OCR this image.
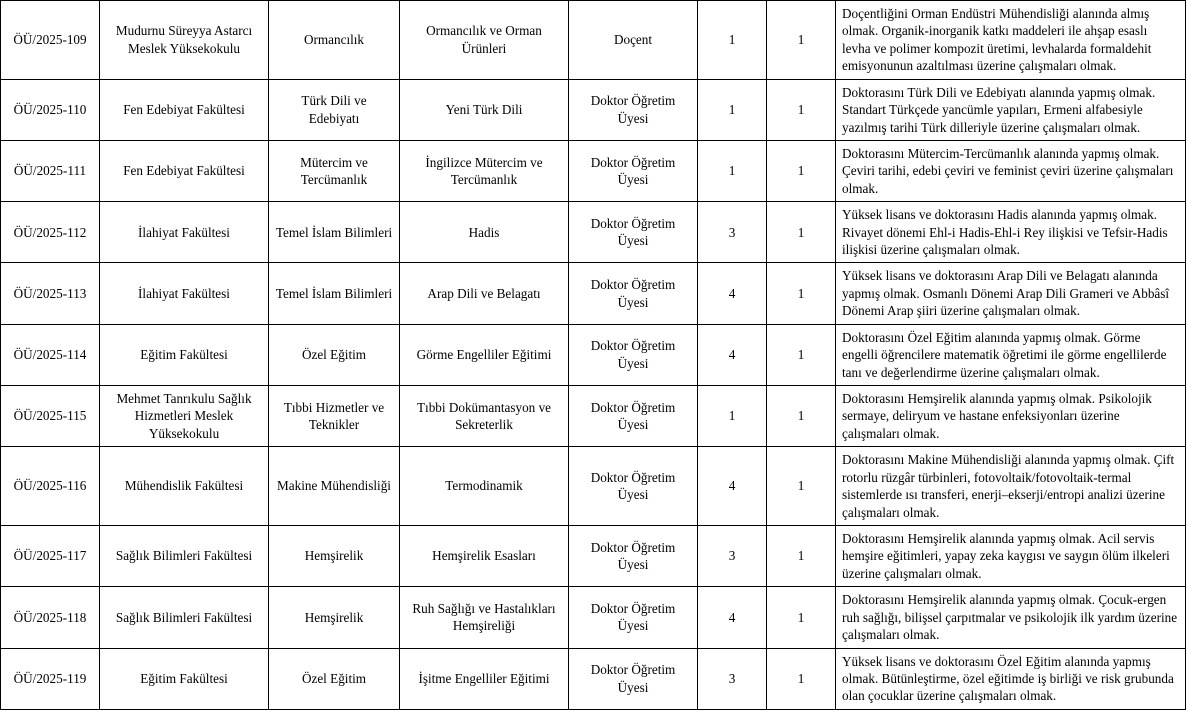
ÖÜ/2025-109	Mudurnu Süreyya Astarcı Meslek Yüksekokulu	Ormancılık	Ormancılık ve Orman Ürünleri	Doçent	1	1	Doçentliğini Orman Endüstri Mühendisliği alanında almış olmak. Organik-inorganik katkı maddeleri ile ahşap esaslı levha ve polimer kompozit üretimi, levhalarda formaldehit emisyonunun azaltılması üzerine çalışmaları olmak.

ÖÜ/2025-110	Fen Edebiyat Fakültesi	Türk Dili ve Edebiyatı	Yeni Türk Dili	Doktor Öğretim Üyesi	1	1	Doktorasını Türk Dili ve Edebiyatı alanında yapmış olmak. Standart Türkçede yancümle yapıları, Ermeni alfabesiyle yazılmış tarihi Türk dilleriyle üzerine çalışmaları olmak.

ÖÜ/2025-111	Fen Edebiyat Fakültesi	Mütercim ve Tercümanlık	İngilizce Mütercim ve Tercümanlık	Doktor Öğretim Üyesi	1	1	Doktorasını Mütercim-Tercümanlık alanında yapmış olmak. Çeviri tarihi, edebi çeviri ve feminist çeviri üzerine çalışmaları olmak.

ÖÜ/2025-112	İlahiyat Fakültesi	Temel İslam Bilimleri	Hadis	Doktor Öğretim Üyesi	3	1	Yüksek lisans ve doktorasını Hadis alanında yapmış olmak. Rivayet dönemi Ehl-i Hadis-Ehl-i Rey ilişkisi ve Tefsir-Hadis ilişkisi üzerine çalışmaları olmak.

ÖÜ/2025-113	İlahiyat Fakültesi	Temel İslam Bilimleri	Arap Dili ve Belagatı	Doktor Öğretim Üyesi	4	1	Yüksek lisans ve doktorasını Arap Dili ve Belagatı alanında yapmış olmak. Osmanlı Dönemi Arap Dili Grameri ve Abbâsî Dönemi Arap şiiri üzerine çalışmaları olmak.

ÖÜ/2025-114	Eğitim Fakültesi	Özel Eğitim	Görme Engelliler Eğitimi	Doktor Öğretim Üyesi	4	1	Doktorasını Özel Eğitim alanında yapmış olmak. Görme engelli öğrencilere matematik öğretimi ile görme engellilerde tanı ve değerlendirme üzerine çalışmaları olmak.

ÖÜ/2025-115	Mehmet Tanrıkulu Sağlık Hizmetleri Meslek Yüksekokulu	Tıbbi Hizmetler ve Teknikler	Tıbbi Dokümantasyon ve Sekreterlik	Doktor Öğretim Üyesi	1	1	Doktorasını Hemşirelik alanında yapmış olmak. Psikolojik sermaye, deliryum ve hastane enfeksiyonları üzerine çalışmaları olmak.

ÖÜ/2025-116	Mühendislik Fakültesi	Makine Mühendisliği	Termodinamik	Doktor Öğretim Üyesi	4	1	Doktorasını Makine Mühendisliği alanında yapmış olmak. Çift rotorlu rüzgâr türbinleri, fotovoltaik/fotovoltaik-termal sistemlerde ısı transferi, enerji–ekserji/entropi analizi üzerine çalışmaları olmak.

ÖÜ/2025-117	Sağlık Bilimleri Fakültesi	Hemşirelik	Hemşirelik Esasları	Doktor Öğretim Üyesi	3	1	Doktorasını Hemşirelik alanında yapmış olmak. Acil servis hemşire eğitimleri, yapay zeka kaygısı ve saygın ölüm ilkeleri üzerine çalışmaları olmak.

ÖÜ/2025-118	Sağlık Bilimleri Fakültesi	Hemşirelik	Ruh Sağlığı ve Hastalıkları Hemşireliği	Doktor Öğretim Üyesi	4	1	Doktorasını Hemşirelik alanında yapmış olmak. Çocuk-ergen ruh sağlığı, bilişsel çarpıtmalar ve psikolojik ilk yardım üzerine çalışmaları olmak.

ÖÜ/2025-119	Eğitim Fakültesi	Özel Eğitim	İşitme Engelliler Eğitimi	Doktor Öğretim Üyesi	3	1	Yüksek lisans ve doktorasını Özel Eğitim alanında yapmış olmak. Bütünleştirme, özel eğitimde iş birliği ve risk grubunda olan çocuklar üzerine çalışmaları olmak.
